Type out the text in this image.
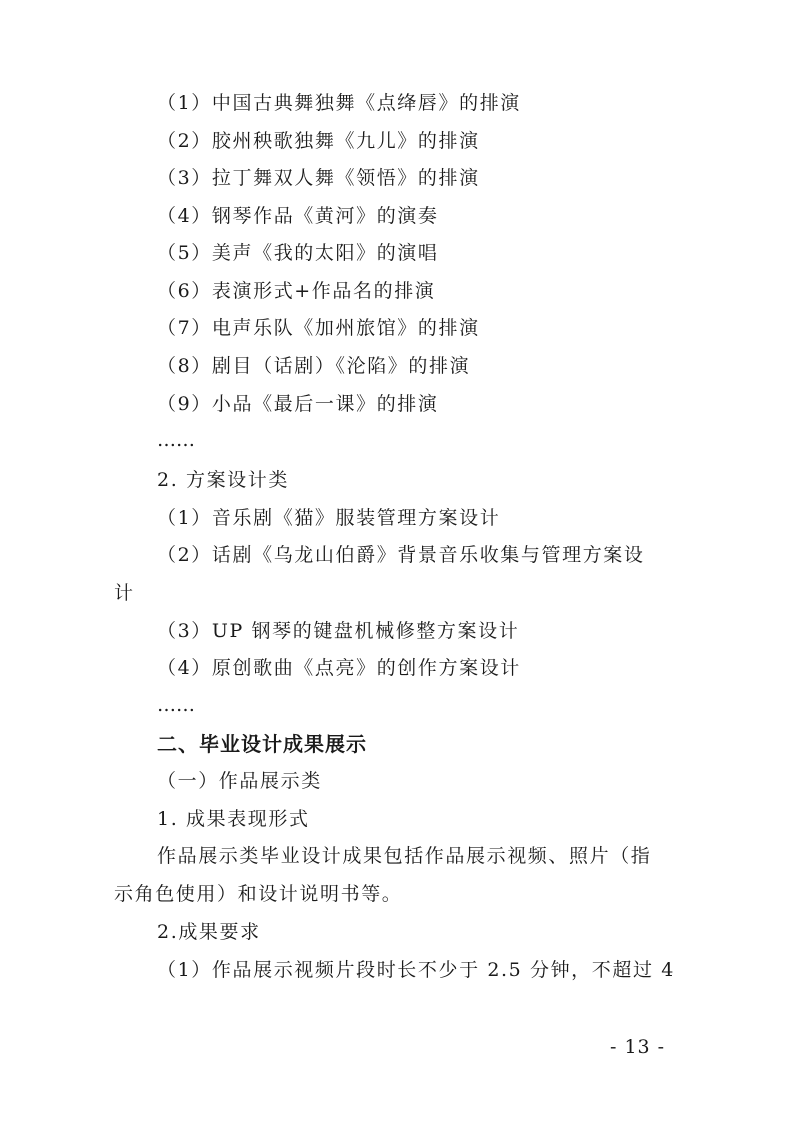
（1）中国古典舞独舞《点绛唇》的排演
（2）胶州秧歌独舞《九儿》的排演
（3）拉丁舞双人舞《领悟》的排演
（4）钢琴作品《黄河》的演奏
（5）美声《我的太阳》的演唱
（6）表演形式+作品名的排演
（7）电声乐队《加州旅馆》的排演
（8）剧目（话剧）《沦陷》的排演
（9）小品《最后一课》的排演
……
2. 方案设计类
（1）音乐剧《猫》服装管理方案设计
（2）话剧《乌龙山伯爵》背景音乐收集与管理方案设
计
（3）UP 钢琴的键盘机械修整方案设计
（4）原创歌曲《点亮》的创作方案设计
……
二、毕业设计成果展示
（一）作品展示类
1. 成果表现形式
作品展示类毕业设计成果包括作品展示视频、照片（指
示角色使用）和设计说明书等。
2.成果要求
（1）作品展示视频片段时长不少于 2.5 分钟，不超过 4
- 13 -
